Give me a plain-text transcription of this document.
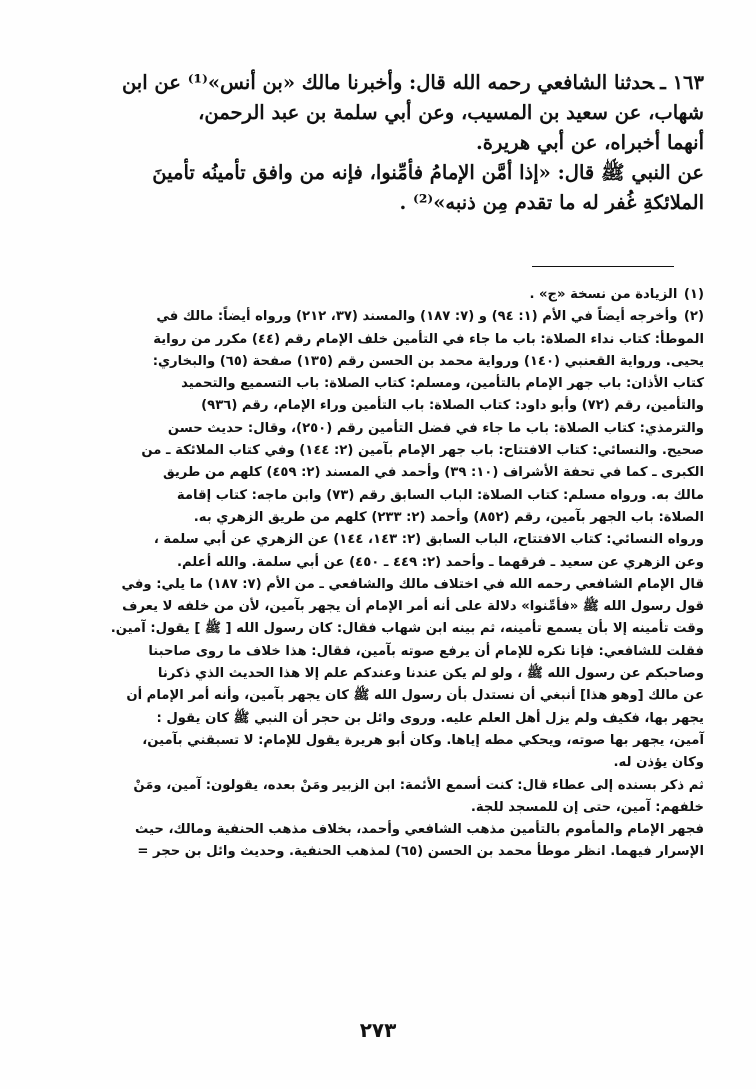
١٦٣ ـحدثنا الشافعي رحمه الله قال: وأخبرنا مالك «بن أنس»⁽¹⁾ عن ابن

شهاب، عن سعيد بن المسيب، وعن أبي سلمة بن عبد الرحمن،

أنهما أخبراه، عن أبي هريرة.

عن النبي ﷺ قال: «إذا أمَّن الإمامُ فأمِّنوا، فإنه من وافق تأمينُه تأمينَ

الملائكةِ غُفر له ما تقدم مِن ذنبه»⁽²⁾ .

(١) الزيادة من نسخة «ج» .

(٢) وأخرجه أيضاً في الأم (١: ٩٤) و (٧: ١٨٧) والمسند (٣٧، ٢١٢) ورواه أيضاً: مالك في

الموطأ: كتاب نداء الصلاة: باب ما جاء في التأمين خلف الإمام رقم (٤٤) مكرر من رواية

يحيى. ورواية القعنبي (١٤٠) ورواية محمد بن الحسن رقم (١٣٥) صفحة (٦٥) والبخاري:

كتاب الأذان: باب جهر الإمام بالتأمين، ومسلم: كتاب الصلاة: باب التسميع والتحميد

والتأمين، رقم (٧٢) وأبو داود: كتاب الصلاة: باب التأمين وراء الإمام، رقم (٩٣٦)

والترمذي: كتاب الصلاة: باب ما جاء في فضل التأمين رقم (٢٥٠)، وقال: حديث حسن

صحيح. والنسائي: كتاب الافتتاح: باب جهر الإمام بآمين (٢: ١٤٤) وفي كتاب الملائكة ـ من

الكبرى ـ كما في تحفة الأشراف (١٠: ٣٩) وأحمد في المسند (٢: ٤٥٩) كلهم من طريق

مالك به. ورواه مسلم: كتاب الصلاة: الباب السابق رقم (٧٣) وابن ماجه: كتاب إقامة

الصلاة: باب الجهر بآمين، رقم (٨٥٢) وأحمد (٢: ٢٣٣) كلهم من طريق الزهري به.

ورواه النسائي: كتاب الافتتاح، الباب السابق (٢: ١٤٣، ١٤٤) عن الزهري عن أبي سلمة ،

وعن الزهري عن سعيد ـ فرقهما ـ وأحمد (٢: ٤٤٩ ـ ٤٥٠) عن أبي سلمة. والله أعلم.

قال الإمام الشافعي رحمه الله في اختلاف مالك والشافعي ـ من الأم (٧: ١٨٧) ما يلي: وفي

قول رسول الله ﷺ «فأمِّنوا» دلالة على أنه أمر الإمام أن يجهر بآمين، لأن من خلفه لا يعرف

وقت تأمينه إلا بأن يسمع تأمينه، ثم بينه ابن شهاب فقال: كان رسول الله [ ﷺ ] يقول: آمين.

فقلت للشافعي: فإنا نكره للإمام أن يرفع صوته بآمين، فقال: هذا خلاف ما روى صاحبنا

وصاحبكم عن رسول الله ﷺ ، ولو لم يكن عندنا وعندكم علم إلا هذا الحديث الذي ذكرنا

عن مالك [وهو هذا] أنبغي أن نستدل بأن رسول الله ﷺ كان يجهر بآمين، وأنه أمر الإمام أن

يجهر بها، فكيف ولم يزل أهل العلم عليه. وروى وائل بن حجر أن النبي ﷺ كان يقول :

آمين، يجهر بها صوته، ويحكي مطه إياها. وكان أبو هريرة يقول للإمام: لا تسبقني بآمين،

وكان يؤذن له.

ثم ذكر بسنده إلى عطاء قال: كنت أسمع الأئمة: ابن الزبير ومَنْ بعده، يقولون: آمين، ومَنْ

خلفهم: آمين، حتى إن للمسجد للجة.

فجهر الإمام والمأموم بالتأمين مذهب الشافعي وأحمد، بخلاف مذهب الحنفية ومالك، حيث

الإسرار فيهما. انظر موطأ محمد بن الحسن (٦٥) لمذهب الحنفية. وحديث وائل بن حجر =

٢٧٣
